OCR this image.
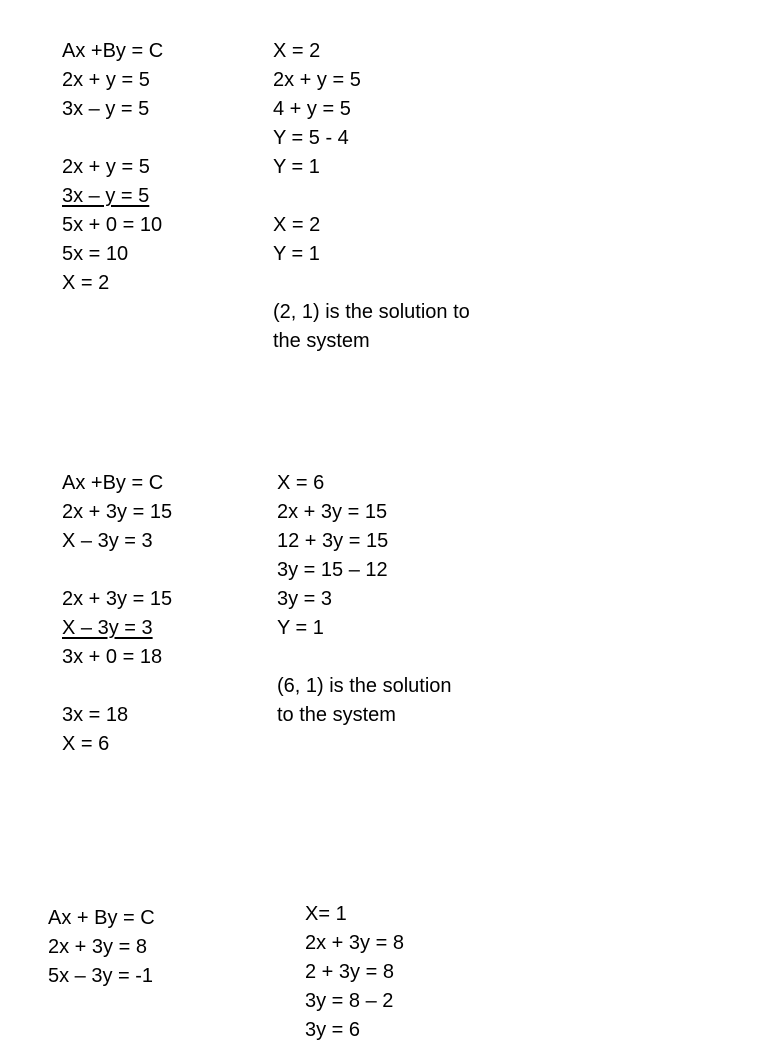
Ax +By = C
2x + y = 5
3x – y = 5
2x + y = 5
3x – y = 5
5x + 0 = 10
5x = 10
X = 2
X = 2
2x + y = 5
4 + y = 5
Y = 5 - 4
Y = 1
X = 2
Y = 1
(2, 1) is the solution to
the system
Ax +By = C
2x + 3y = 15
X – 3y = 3
2x + 3y = 15
X – 3y = 3
3x + 0 = 18
3x = 18
X = 6
X = 6
2x + 3y = 15
12 + 3y = 15
3y = 15 – 12
3y = 3
Y = 1
(6, 1) is the solution
to the system
Ax + By = C
2x + 3y = 8
5x – 3y = -1
X= 1
2x + 3y = 8
2 + 3y = 8
3y = 8 – 2
3y = 6
